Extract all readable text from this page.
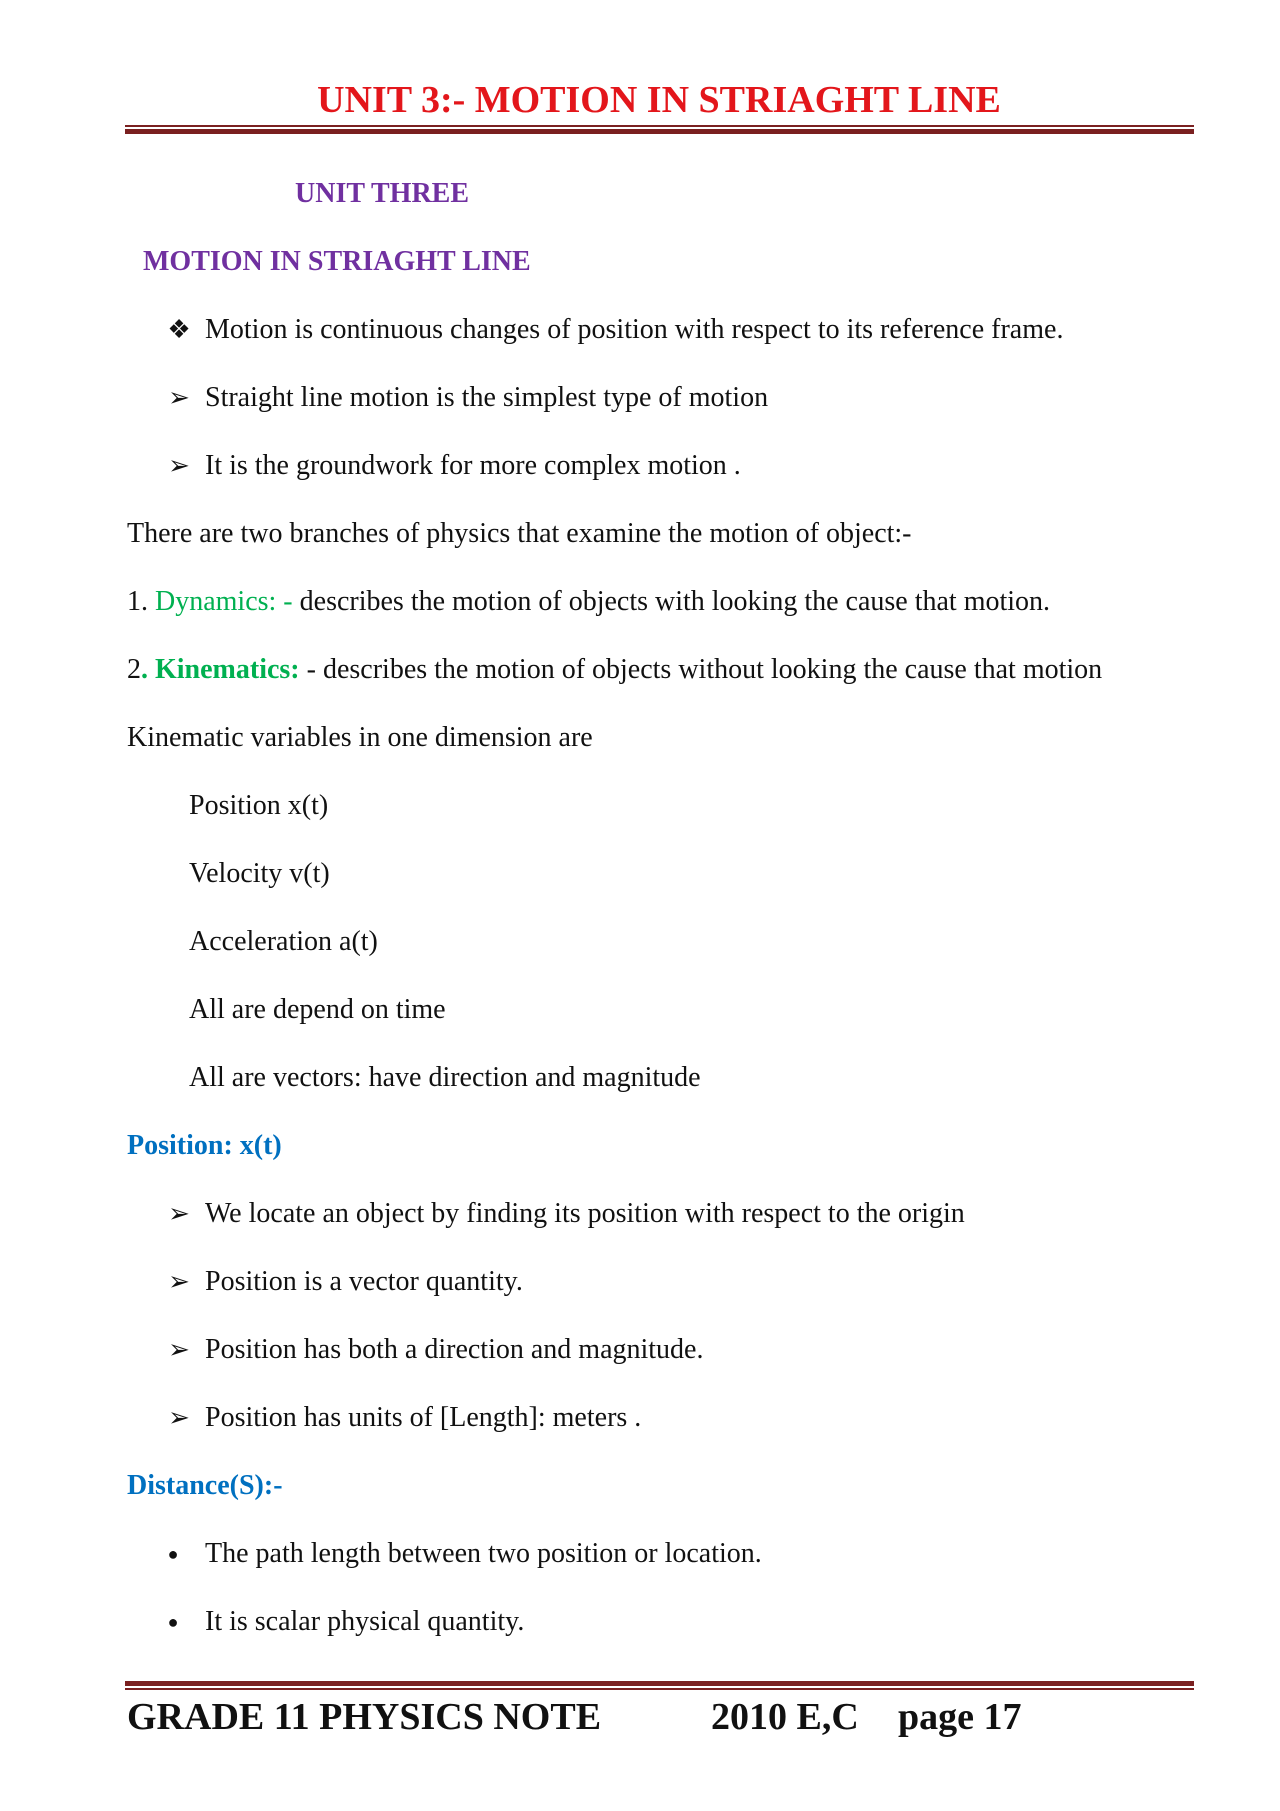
UNIT 3:- MOTION IN STRIAGHT LINE
UNIT THREE
MOTION IN STRIAGHT LINE
❖ Motion is continuous changes of position with respect to its reference frame.
➢ Straight line motion is the simplest type of motion
➢ It is the groundwork for more complex motion .
There are two branches of physics that examine the motion of object:-
1. Dynamics: - describes the motion of objects with looking the cause that motion.
2. Kinematics: - describes the motion of objects without looking the cause that motion
Kinematic variables in one dimension are
Position x(t)
Velocity v(t)
Acceleration a(t)
All are depend on time
All are vectors: have direction and magnitude
Position: x(t)
➢ We locate an object by finding its position with respect to the origin
➢ Position is a vector quantity.
➢ Position has both a direction and magnitude.
➢ Position has units of [Length]: meters .
Distance(S):-
● The path length between two position or location.
● It is scalar physical quantity.
GRADE 11 PHYSICS NOTE	2010 E,C page 17
